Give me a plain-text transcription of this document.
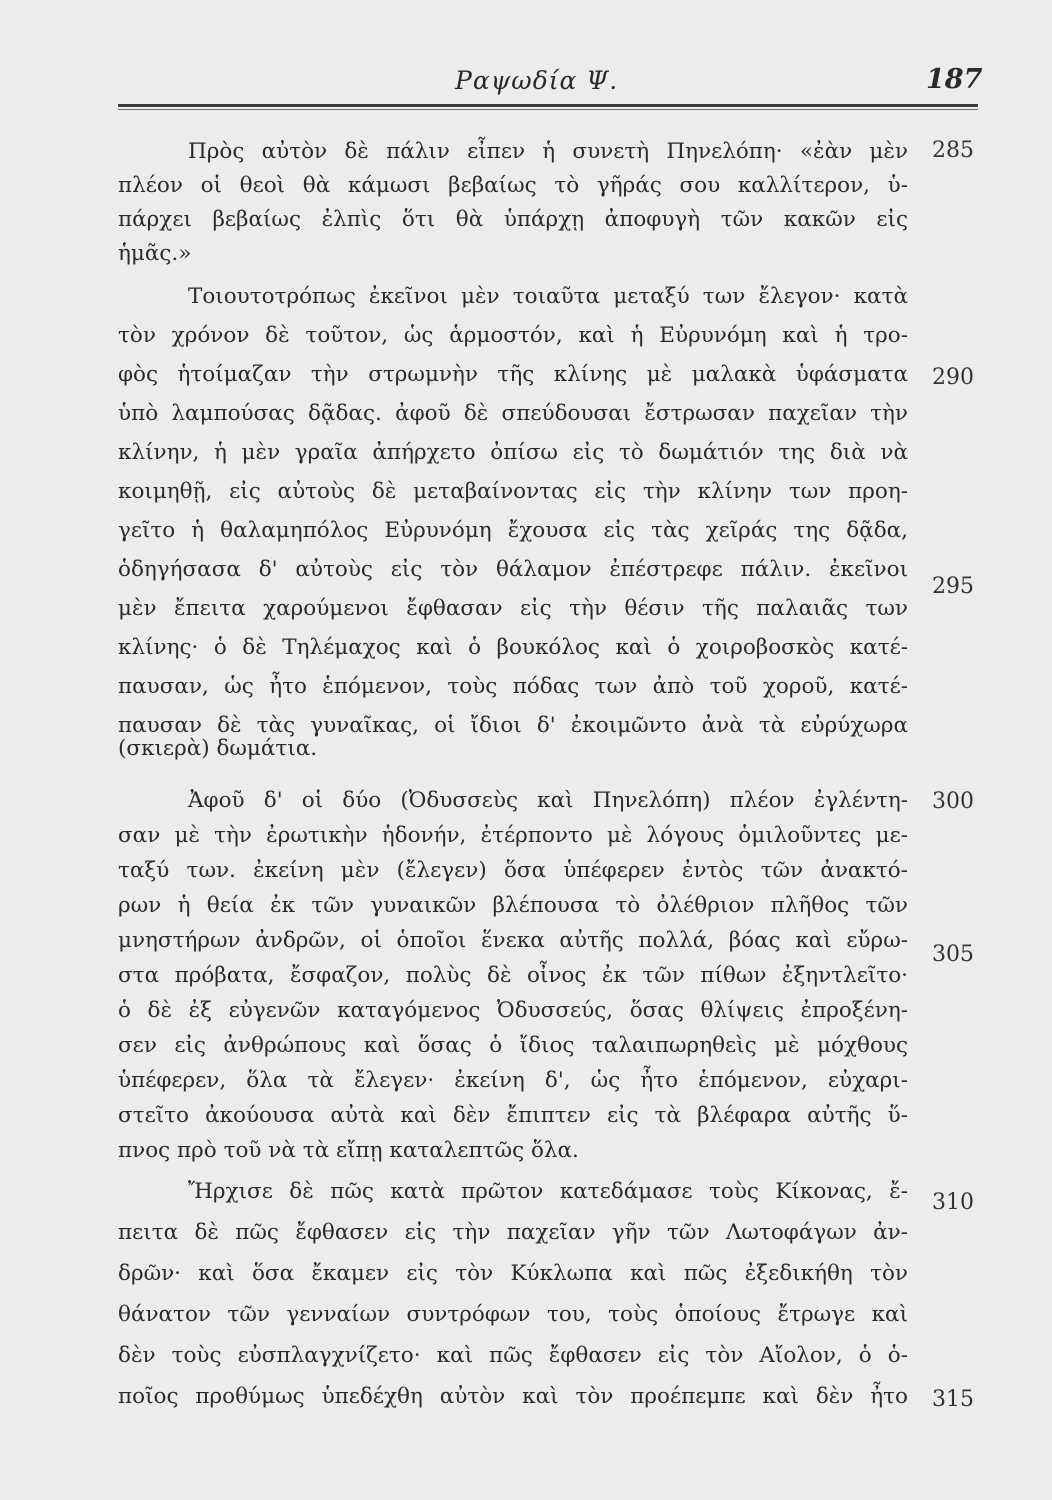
Ραψωδία Ψ.	187
Πρὸς αὐτὸν δὲ πάλιν εἶπεν ἡ συνετὴ Πηνελόπη· «ἐὰν μὲν
πλέον οἱ θεοὶ θὰ κάμωσι βεβαίως τὸ γῆράς σου καλλίτερον, ὑ-
πάρχει βεβαίως ἐλπὶς ὅτι θὰ ὑπάρχῃ ἀποφυγὴ τῶν κακῶν εἰς
ἡμᾶς.»
Τοιουτοτρόπως ἐκεῖνοι μὲν τοιαῦτα μεταξύ των ἔλεγον· κατὰ
τὸν χρόνον δὲ τοῦτον, ὡς ἁρμοστόν, καὶ ἡ Εὐρυνόμη καὶ ἡ τρο-
φὸς ἡτοίμαζαν τὴν στρωμνὴν τῆς κλίνης μὲ μαλακὰ ὑφάσματα
ὑπὸ λαμπούσας δᾷδας. ἀφοῦ δὲ σπεύδουσαι ἔστρωσαν παχεῖαν τὴν
κλίνην, ἡ μὲν γραῖα ἀπήρχετο ὀπίσω εἰς τὸ δωμάτιόν της διὰ νὰ
κοιμηθῇ, εἰς αὐτοὺς δὲ μεταβαίνοντας εἰς τὴν κλίνην των προη-
γεῖτο ἡ θαλαμηπόλος Εὐρυνόμη ἔχουσα εἰς τὰς χεῖράς της δᾷδα,
ὁδηγήσασα δ' αὐτοὺς εἰς τὸν θάλαμον ἐπέστρεφε πάλιν. ἐκεῖνοι
μὲν ἔπειτα χαρούμενοι ἔφθασαν εἰς τὴν θέσιν τῆς παλαιᾶς των
κλίνης· ὁ δὲ Τηλέμαχος καὶ ὁ βουκόλος καὶ ὁ χοιροβοσκὸς κατέ-
παυσαν, ὡς ἦτο ἑπόμενον, τοὺς πόδας των ἀπὸ τοῦ χοροῦ, κατέ-
παυσαν δὲ τὰς γυναῖκας, οἱ ἴδιοι δ' ἐκοιμῶντο ἀνὰ τὰ εὐρύχωρα
(σκιερὰ) δωμάτια.
Ἀφοῦ δ' οἱ δύο (Ὀδυσσεὺς καὶ Πηνελόπη) πλέον ἐγλέντη-
σαν μὲ τὴν ἐρωτικὴν ἡδονήν, ἐτέρποντο μὲ λόγους ὁμιλοῦντες με-
ταξύ των. ἐκείνη μὲν (ἔλεγεν) ὅσα ὑπέφερεν ἐντὸς τῶν ἀνακτό-
ρων ἡ θεία ἐκ τῶν γυναικῶν βλέπουσα τὸ ὀλέθριον πλῆθος τῶν
μνηστήρων ἀνδρῶν, οἱ ὁποῖοι ἕνεκα αὐτῆς πολλά, βόας καὶ εὔρω-
στα πρόβατα, ἔσφαζον, πολὺς δὲ οἶνος ἐκ τῶν πίθων ἐξηντλεῖτο·
ὁ δὲ ἐξ εὐγενῶν καταγόμενος Ὀδυσσεύς, ὅσας θλίψεις ἐπροξένη-
σεν εἰς ἀνθρώπους καὶ ὅσας ὁ ἴδιος ταλαιπωρηθεὶς μὲ μόχθους
ὑπέφερεν, ὅλα τὰ ἔλεγεν· ἐκείνη δ', ὡς ἦτο ἑπόμενον, εὐχαρι-
στεῖτο ἀκούουσα αὐτὰ καὶ δὲν ἔπιπτεν εἰς τὰ βλέφαρα αὐτῆς ὕ-
πνος πρὸ τοῦ νὰ τὰ εἴπῃ καταλεπτῶς ὅλα.
Ἤρχισε δὲ πῶς κατὰ πρῶτον κατεδάμασε τοὺς Κίκονας, ἔ-
πειτα δὲ πῶς ἔφθασεν εἰς τὴν παχεῖαν γῆν τῶν Λωτοφάγων ἀν-
δρῶν· καὶ ὅσα ἔκαμεν εἰς τὸν Κύκλωπα καὶ πῶς ἐξεδικήθη τὸν
θάνατον τῶν γενναίων συντρόφων του, τοὺς ὁποίους ἔτρωγε καὶ
δὲν τοὺς εὐσπλαγχνίζετο· καὶ πῶς ἔφθασεν εἰς τὸν Αἴολον, ὁ ὁ-
ποῖος προθύμως ὑπεδέχθη αὐτὸν καὶ τὸν προέπεμπε καὶ δὲν ἦτο
285
290
295
300
305
310
315
